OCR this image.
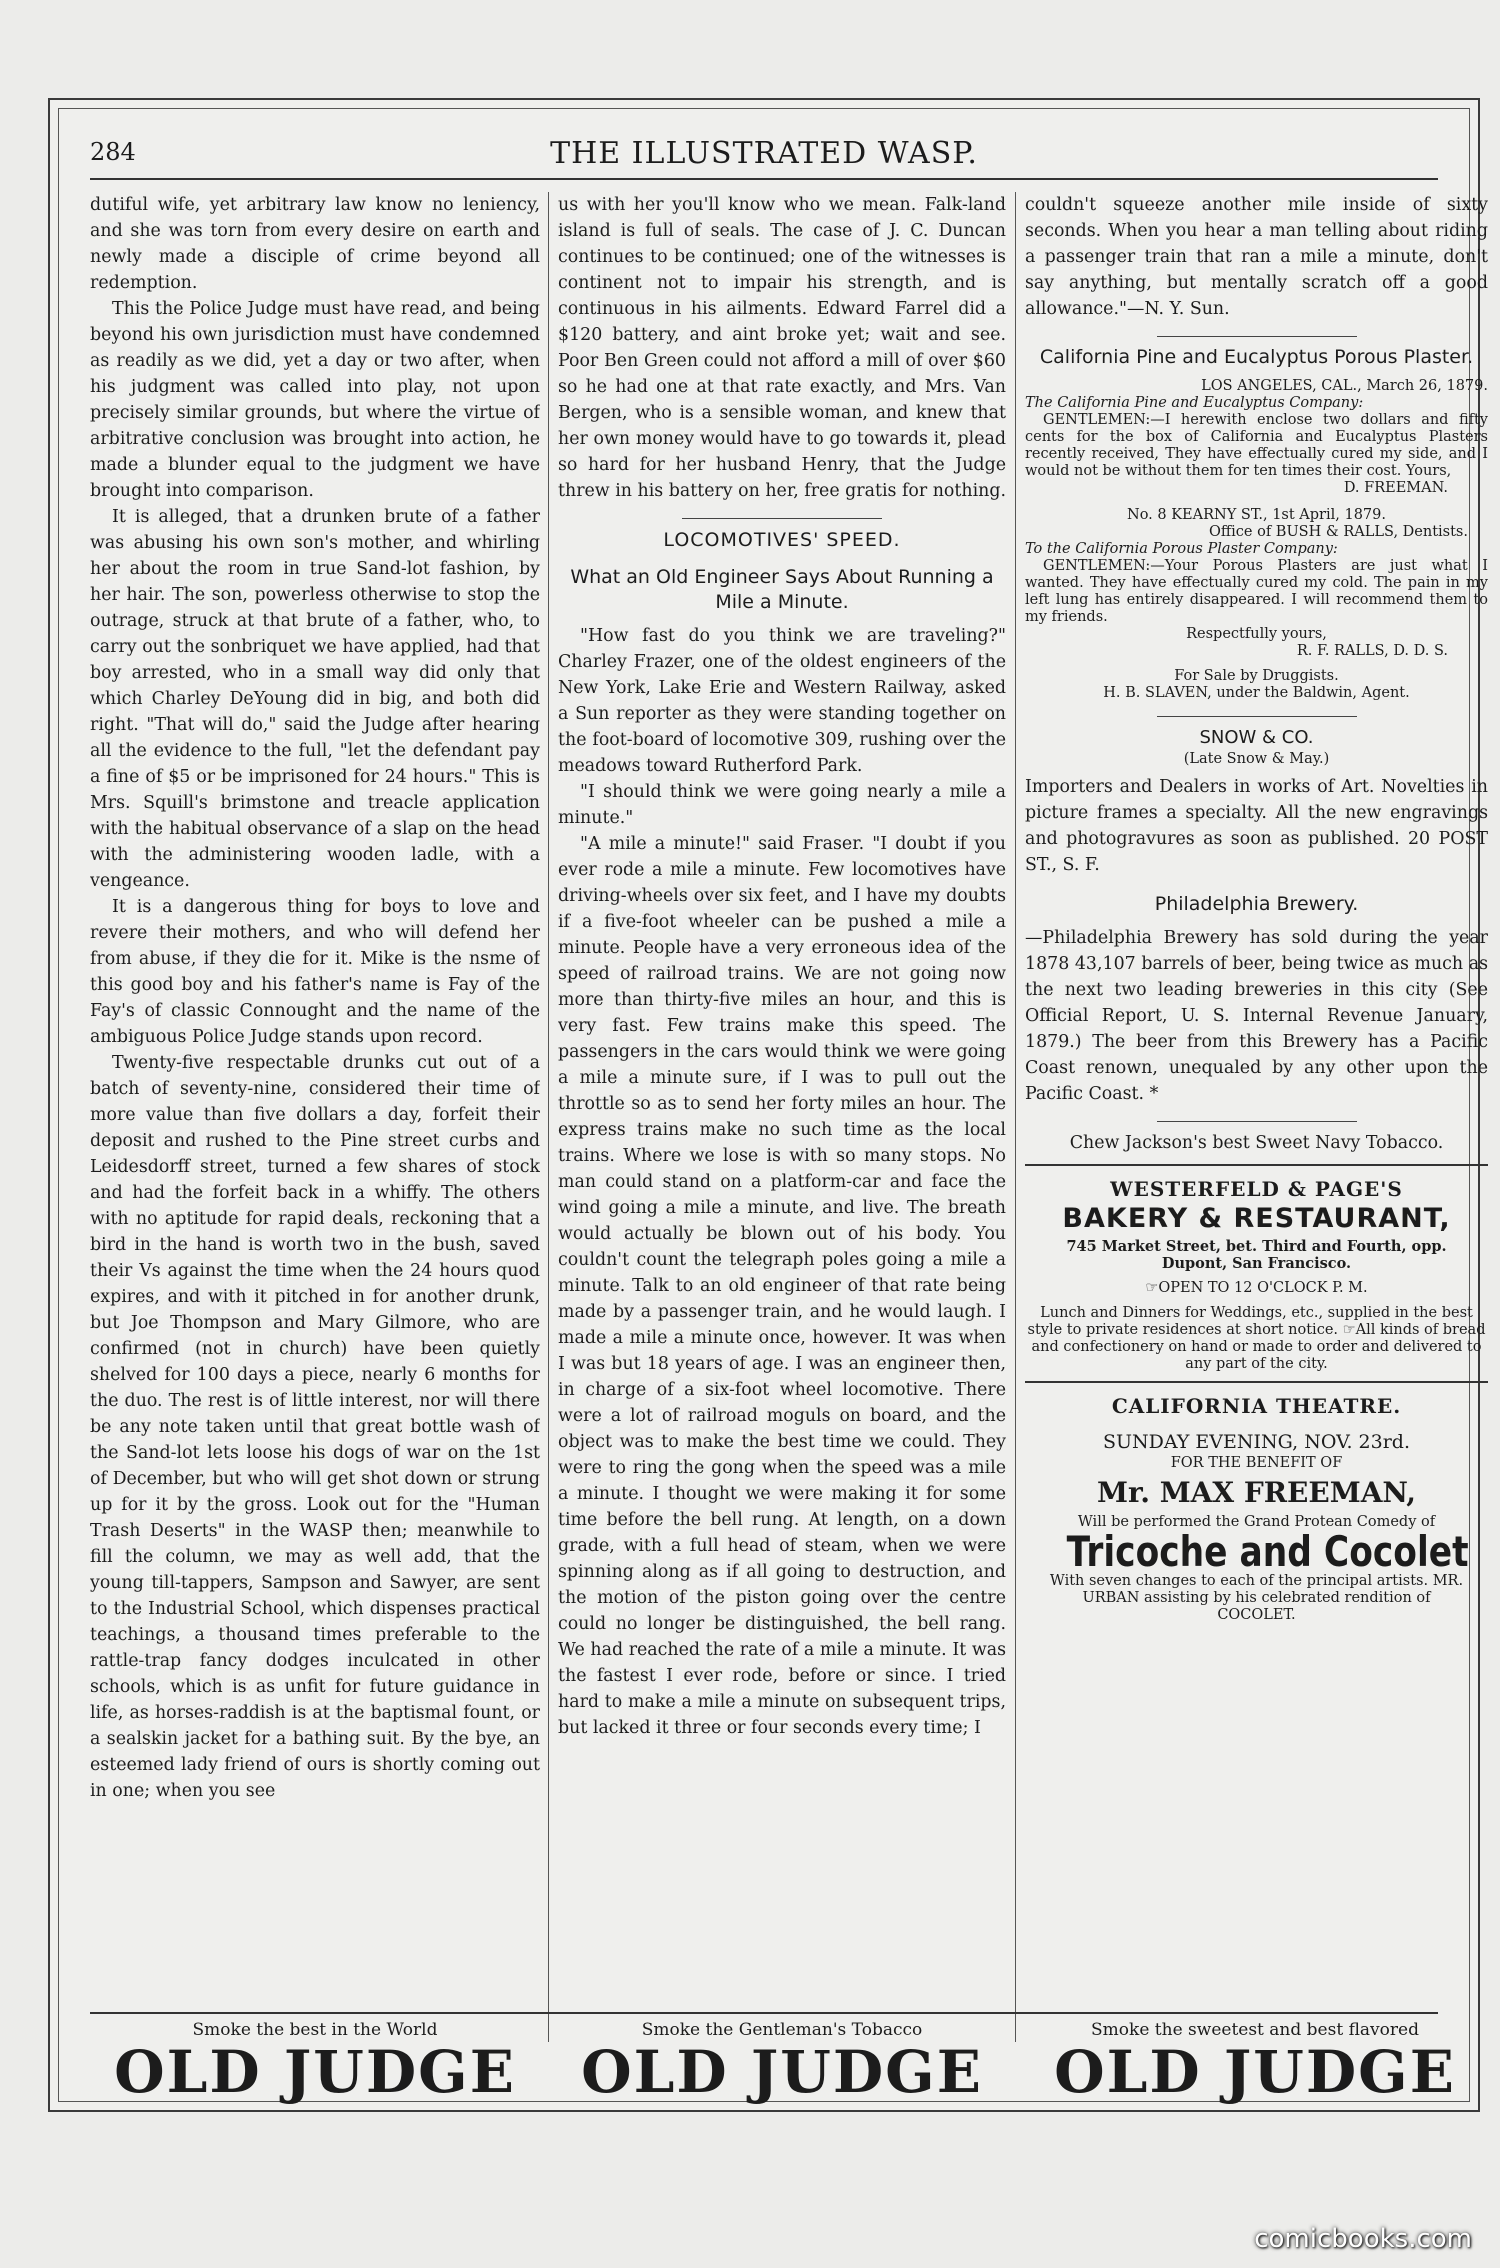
284	THE ILLUSTRATED WASP.

dutiful wife, yet arbitrary law know no leniency, and she was torn from every desire on earth and newly made a disciple of crime beyond all redemption.

This the Police Judge must have read, and being beyond his own jurisdiction must have condemned as readily as we did, yet a day or two after, when his judgment was called into play, not upon precisely similar grounds, but where the virtue of arbitrative conclusion was brought into action, he made a blunder equal to the judgment we have brought into comparison.

It is alleged, that a drunken brute of a father was abusing his own son's mother, and whirling her about the room in true Sand-lot fashion, by her hair. The son, powerless otherwise to stop the outrage, struck at that brute of a father, who, to carry out the sonbriquet we have applied, had that boy arrested, who in a small way did only that which Charley DeYoung did in big, and both did right. "That will do," said the Judge after hearing all the evidence to the full, "let the defendant pay a fine of $5 or be imprisoned for 24 hours." This is Mrs. Squill's brimstone and treacle application with the habitual observance of a slap on the head with the administering wooden ladle, with a vengeance.

It is a dangerous thing for boys to love and revere their mothers, and who will defend her from abuse, if they die for it. Mike is the nsme of this good boy and his father's name is Fay of the Fay's of classic Connought and the name of the ambiguous Police Judge stands upon record.

Twenty-five respectable drunks cut out of a batch of seventy-nine, considered their time of more value than five dollars a day, forfeit their deposit and rushed to the Pine street curbs and Leidesdorff street, turned a few shares of stock and had the forfeit back in a whiffy. The others with no aptitude for rapid deals, reckoning that a bird in the hand is worth two in the bush, saved their Vs against the time when the 24 hours quod expires, and with it pitched in for another drunk, but Joe Thompson and Mary Gilmore, who are confirmed (not in church) have been quietly shelved for 100 days a piece, nearly 6 months for the duo. The rest is of little interest, nor will there be any note taken until that great bottle wash of the Sand-lot lets loose his dogs of war on the 1st of December, but who will get shot down or strung up for it by the gross. Look out for the "Human Trash Deserts" in the WASP then; meanwhile to fill the column, we may as well add, that the young till-tappers, Sampson and Sawyer, are sent to the Industrial School, which dispenses practical teachings, a thousand times preferable to the rattle-trap fancy dodges inculcated in other schools, which is as unfit for future guidance in life, as horses-raddish is at the baptismal fount, or a sealskin jacket for a bathing suit. By the bye, an esteemed lady friend of ours is shortly coming out in one; when you see

us with her you'll know who we mean. Falk-land island is full of seals. The case of J. C. Duncan continues to be continued; one of the witnesses is continent not to impair his strength, and is continuous in his ailments. Edward Farrel did a $120 battery, and aint broke yet; wait and see. Poor Ben Green could not afford a mill of over $60 so he had one at that rate exactly, and Mrs. Van Bergen, who is a sensible woman, and knew that her own money would have to go towards it, plead so hard for her husband Henry, that the Judge threw in his battery on her, free gratis for nothing.

LOCOMOTIVES' SPEED.
What an Old Engineer Says About Running a Mile a Minute.

"How fast do you think we are traveling?" Charley Frazer, one of the oldest engineers of the New York, Lake Erie and Western Railway, asked a Sun reporter as they were standing together on the foot-board of locomotive 309, rushing over the meadows toward Rutherford Park.

"I should think we were going nearly a mile a minute."

"A mile a minute!" said Fraser. "I doubt if you ever rode a mile a minute. Few locomotives have driving-wheels over six feet, and I have my doubts if a five-foot wheeler can be pushed a mile a minute. People have a very erroneous idea of the speed of railroad trains. We are not going now more than thirty-five miles an hour, and this is very fast. Few trains make this speed. The passengers in the cars would think we were going a mile a minute sure, if I was to pull out the throttle so as to send her forty miles an hour. The express trains make no such time as the local trains. Where we lose is with so many stops. No man could stand on a platform-car and face the wind going a mile a minute, and live. The breath would actually be blown out of his body. You couldn't count the telegraph poles going a mile a minute. Talk to an old engineer of that rate being made by a passenger train, and he would laugh. I made a mile a minute once, however. It was when I was but 18 years of age. I was an engineer then, in charge of a six-foot wheel locomotive. There were a lot of railroad moguls on board, and the object was to make the best time we could. They were to ring the gong when the speed was a mile a minute. I thought we were making it for some time before the bell rung. At length, on a down grade, with a full head of steam, when we were spinning along as if all going to destruction, and the motion of the piston going over the centre could no longer be distinguished, the bell rang. We had reached the rate of a mile a minute. It was the fastest I ever rode, before or since. I tried hard to make a mile a minute on subsequent trips, but lacked it three or four seconds every time; I

couldn't squeeze another mile inside of sixty seconds. When you hear a man telling about riding a passenger train that ran a mile a minute, don't say anything, but mentally scratch off a good allowance."—N. Y. Sun.

California Pine and Eucalyptus Porous Plaster.
LOS ANGELES, CAL., March 26, 1879.
The California Pine and Eucalyptus Company:
GENTLEMEN:—I herewith enclose two dollars and fifty cents for the box of California and Eucalyptus Plasters recently received, They have effectually cured my side, and I would not be without them for ten times their cost. Yours,
D. FREEMAN.
No. 8 KEARNY ST., 1st April, 1879.
Office of BUSH & RALLS, Dentists.
To the California Porous Plaster Company:
GENTLEMEN:—Your Porous Plasters are just what I wanted. They have effectually cured my cold. The pain in my left lung has entirely disappeared. I will recommend them to my friends.
Respectfully yours,
R. F. RALLS, D. D. S.
For Sale by Druggists.
H. B. SLAVEN, under the Baldwin, Agent.
SNOW & CO.
(Late Snow & May.)
Importers and Dealers in works of Art. Novelties in picture frames a specialty. All the new engravings and photogravures as soon as published. 20 POST ST., S. F.
Philadelphia Brewery.
—Philadelphia Brewery has sold during the year 1878 43,107 barrels of beer, being twice as much as the next two leading breweries in this city (See Official Report, U. S. Internal Revenue January, 1879.) The beer from this Brewery has a Pacific Coast renown, unequaled by any other upon the Pacific Coast. *
Chew Jackson's best Sweet Navy Tobacco.
WESTERFELD & PAGE'S
BAKERY & RESTAURANT,
745 Market Street, bet. Third and Fourth, opp. Dupont, San Francisco.
☞OPEN TO 12 O'CLOCK P. M.
Lunch and Dinners for Weddings, etc., supplied in the best style to private residences at short notice. ☞All kinds of bread and confectionery on hand or made to order and delivered to any part of the city.
CALIFORNIA THEATRE.
SUNDAY EVENING, NOV. 23rd.
FOR THE BENEFIT OF
Mr. MAX FREEMAN,
Will be performed the Grand Protean Comedy of
Tricoche and Cocolet
With seven changes to each of the principal artists. MR. URBAN assisting by his celebrated rendition of COCOLET.
Smoke the best in the World
OLD JUDGE
Smoke the Gentleman's Tobacco
OLD JUDGE
Smoke the sweetest and best flavored
OLD JUDGE
comicbooks.com
